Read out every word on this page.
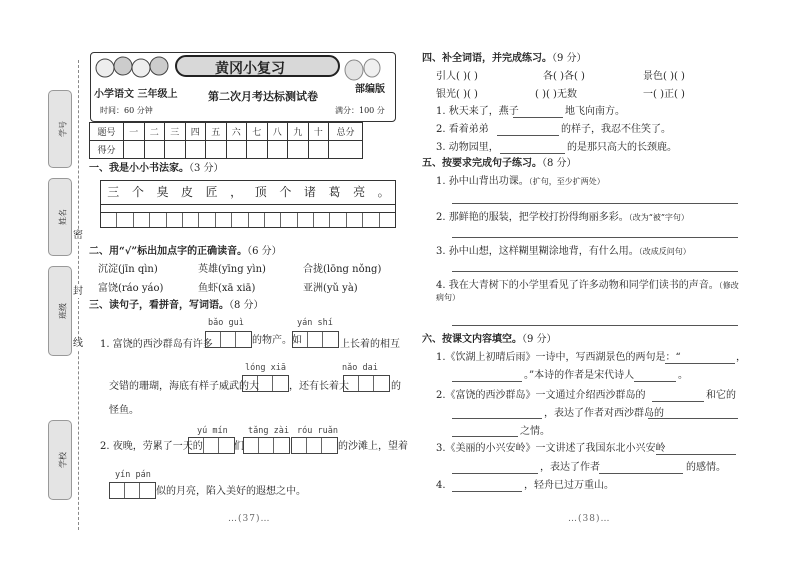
学号
姓名
班级
学校
密
封
线
黄冈小复习
小学语文 三年级上	第二次月考达标测试卷
部编版
时间：60 分钟	满分：100 分
题号	一	二	三	四	五	六	七	八	九	十	总分
得分											
一、我是小小书法家。（3 分）
三	个	臭	皮	匠	，	顶	个	诸	葛	亮	。
二、用“√”标出加点字的正确读音。（6 分）
沉淀(jīn qìn)	英雄(yīng yìn)	合拢(lōng nǒng)
富饶(ráo yáo)	鱼虾(xā xiā)	亚洲(yǔ yà)
三、读句子，看拼音，写词语。（8 分）
bǎo guì	yán shí
1. 富饶的西沙群岛有许多	的物产。如	上长着的相互
lóng xiā	nǎo dai
交错的珊瑚，海底有样子威武的大	，还有长着大	的
怪鱼。
yú mín tǎng zài róu ruǎn
2. 夜晚，劳累了一天的	们	的沙滩上，望着
yín pán
似的月亮，陷入美好的遐想之中。
…(37)…
四、补全词语，并完成练习。（9 分）
引人( )( )	各( )各( )	景色( )( )
银光( )( )	( )( )无数	一( )正( )
1. 秋天来了，燕子	地飞向南方。
2. 看着弟弟	的样子，我忍不住笑了。
3. 动物园里，	的是那只高大的长颈鹿。
五、按要求完成句子练习。（8 分）
1. 孙中山背出功课。（扩句，至少扩两处）
2. 那鲜艳的服装，把学校打扮得绚丽多彩。（改为“被”字句）
3. 孙中山想，这样糊里糊涂地背，有什么用。（改成反问句）
4. 我在大青树下的小学里看见了许多动物和同学们读书的声音。（修改病句）
六、按课文内容填空。（9 分）
1.《饮湖上初晴后雨》一诗中，写西湖景色的两句是：“	，
。”本诗的作者是宋代诗人	。
2.《富饶的西沙群岛》一文通过介绍西沙群岛的	和它的
，表达了作者对西沙群岛的
之情。
3.《美丽的小兴安岭》一文讲述了我国东北小兴安岭
，表达了作者	的感情。
4.	，轻舟已过万重山。
…(38)…
